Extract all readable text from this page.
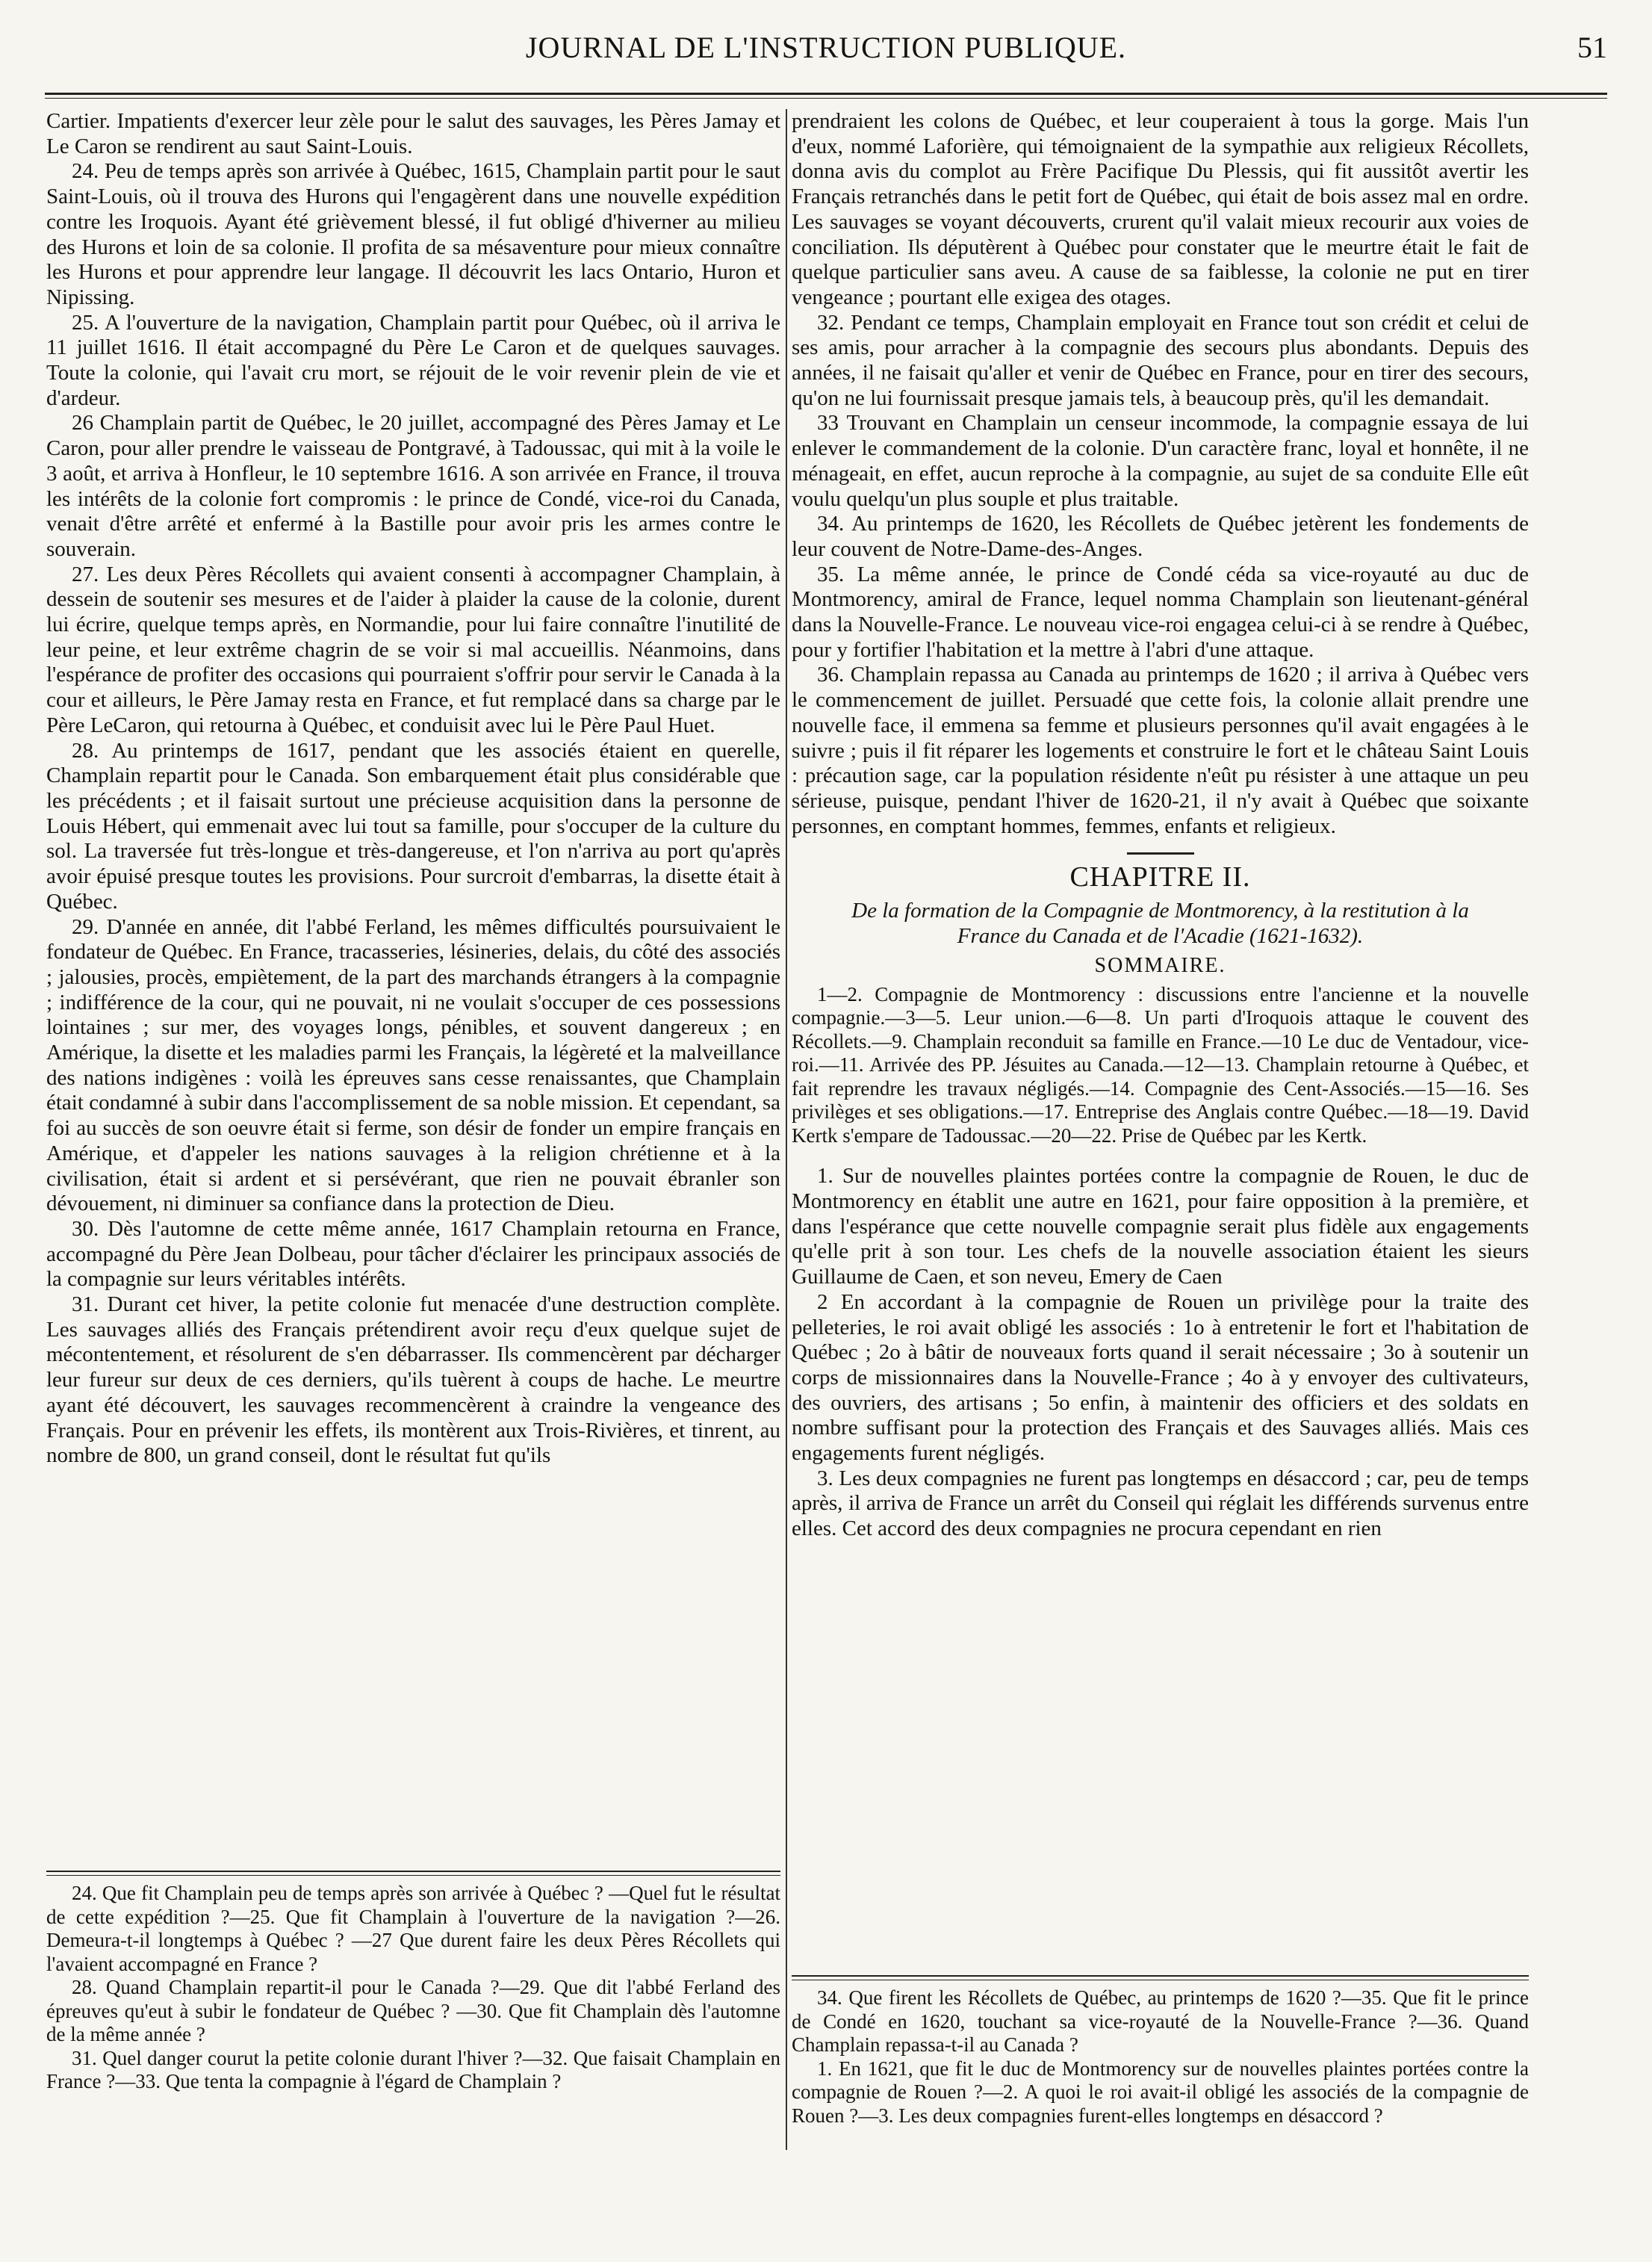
JOURNAL DE L'INSTRUCTION PUBLIQUE.	51

Cartier. Impatients d'exercer leur zèle pour le salut des sauvages, les Pères Jamay et Le Caron se rendirent au saut Saint-Louis.

24. Peu de temps après son arrivée à Québec, 1615, Champlain partit pour le saut Saint-Louis, où il trouva des Hurons qui l'engagèrent dans une nouvelle expédition contre les Iroquois. Ayant été grièvement blessé, il fut obligé d'hiverner au milieu des Hurons et loin de sa colonie. Il profita de sa mésaventure pour mieux connaître les Hurons et pour apprendre leur langage. Il découvrit les lacs Ontario, Huron et Nipissing.

25. A l'ouverture de la navigation, Champlain partit pour Québec, où il arriva le 11 juillet 1616. Il était accompagné du Père Le Caron et de quelques sauvages. Toute la colonie, qui l'avait cru mort, se réjouit de le voir revenir plein de vie et d'ardeur.

26 Champlain partit de Québec, le 20 juillet, accompagné des Pères Jamay et Le Caron, pour aller prendre le vaisseau de Pontgravé, à Tadoussac, qui mit à la voile le 3 août, et arriva à Honfleur, le 10 septembre 1616. A son arrivée en France, il trouva les intérêts de la colonie fort compromis : le prince de Condé, vice-roi du Canada, venait d'être arrêté et enfermé à la Bastille pour avoir pris les armes contre le souverain.

27. Les deux Pères Récollets qui avaient consenti à accompagner Champlain, à dessein de soutenir ses mesures et de l'aider à plaider la cause de la colonie, durent lui écrire, quelque temps après, en Normandie, pour lui faire connaître l'inutilité de leur peine, et leur extrême chagrin de se voir si mal accueillis. Néanmoins, dans l'espérance de profiter des occasions qui pourraient s'offrir pour servir le Canada à la cour et ailleurs, le Père Jamay resta en France, et fut remplacé dans sa charge par le Père LeCaron, qui retourna à Québec, et conduisit avec lui le Père Paul Huet.

28. Au printemps de 1617, pendant que les associés étaient en querelle, Champlain repartit pour le Canada. Son embarquement était plus considérable que les précédents ; et il faisait surtout une précieuse acquisition dans la personne de Louis Hébert, qui emmenait avec lui tout sa famille, pour s'occuper de la culture du sol. La traversée fut très-longue et très-dangereuse, et l'on n'arriva au port qu'après avoir épuisé presque toutes les provisions. Pour surcroit d'embarras, la disette était à Québec.

29. D'année en année, dit l'abbé Ferland, les mêmes difficultés poursuivaient le fondateur de Québec. En France, tracasseries, lésineries, delais, du côté des associés ; jalousies, procès, empiètement, de la part des marchands étrangers à la compagnie ; indifférence de la cour, qui ne pouvait, ni ne voulait s'occuper de ces possessions lointaines ; sur mer, des voyages longs, pénibles, et souvent dangereux ; en Amérique, la disette et les maladies parmi les Français, la légèreté et la malveillance des nations indigènes : voilà les épreuves sans cesse renaissantes, que Champlain était condamné à subir dans l'accomplissement de sa noble mission. Et cependant, sa foi au succès de son oeuvre était si ferme, son désir de fonder un empire français en Amérique, et d'appeler les nations sauvages à la religion chrétienne et à la civilisation, était si ardent et si persévérant, que rien ne pouvait ébranler son dévouement, ni diminuer sa confiance dans la protection de Dieu.

30. Dès l'automne de cette même année, 1617 Champlain retourna en France, accompagné du Père Jean Dolbeau, pour tâcher d'éclairer les principaux associés de la compagnie sur leurs véritables intérêts.

31. Durant cet hiver, la petite colonie fut menacée d'une destruction complète. Les sauvages alliés des Français prétendirent avoir reçu d'eux quelque sujet de mécontentement, et résolurent de s'en débarrasser. Ils commencèrent par décharger leur fureur sur deux de ces derniers, qu'ils tuèrent à coups de hache. Le meurtre ayant été découvert, les sauvages recommencèrent à craindre la vengeance des Français. Pour en prévenir les effets, ils montèrent aux Trois-Rivières, et tinrent, au nombre de 800, un grand conseil, dont le résultat fut qu'ils

24. Que fit Champlain peu de temps après son arrivée à Québec ? —Quel fut le résultat de cette expédition ?—25. Que fit Champlain à l'ouverture de la navigation ?—26. Demeura-t-il longtemps à Québec ? —27 Que durent faire les deux Pères Récollets qui l'avaient accompagné en France ?

28. Quand Champlain repartit-il pour le Canada ?—29. Que dit l'abbé Ferland des épreuves qu'eut à subir le fondateur de Québec ? —30. Que fit Champlain dès l'automne de la même année ?

31. Quel danger courut la petite colonie durant l'hiver ?—32. Que faisait Champlain en France ?—33. Que tenta la compagnie à l'égard de Champlain ?

prendraient les colons de Québec, et leur couperaient à tous la gorge. Mais l'un d'eux, nommé Laforière, qui témoignaient de la sympathie aux religieux Récollets, donna avis du complot au Frère Pacifique Du Plessis, qui fit aussitôt avertir les Français retranchés dans le petit fort de Québec, qui était de bois assez mal en ordre. Les sauvages se voyant découverts, crurent qu'il valait mieux recourir aux voies de conciliation. Ils députèrent à Québec pour constater que le meurtre était le fait de quelque particulier sans aveu. A cause de sa faiblesse, la colonie ne put en tirer vengeance ; pourtant elle exigea des otages.

32. Pendant ce temps, Champlain employait en France tout son crédit et celui de ses amis, pour arracher à la compagnie des secours plus abondants. Depuis des années, il ne faisait qu'aller et venir de Québec en France, pour en tirer des secours, qu'on ne lui fournissait presque jamais tels, à beaucoup près, qu'il les demandait.

33 Trouvant en Champlain un censeur incommode, la compagnie essaya de lui enlever le commandement de la colonie. D'un caractère franc, loyal et honnête, il ne ménageait, en effet, aucun reproche à la compagnie, au sujet de sa conduite Elle eût voulu quelqu'un plus souple et plus traitable.

34. Au printemps de 1620, les Récollets de Québec jetèrent les fondements de leur couvent de Notre-Dame-des-Anges.

35. La même année, le prince de Condé céda sa vice-royauté au duc de Montmorency, amiral de France, lequel nomma Champlain son lieutenant-général dans la Nouvelle-France. Le nouveau vice-roi engagea celui-ci à se rendre à Québec, pour y fortifier l'habitation et la mettre à l'abri d'une attaque.

36. Champlain repassa au Canada au printemps de 1620 ; il arriva à Québec vers le commencement de juillet. Persuadé que cette fois, la colonie allait prendre une nouvelle face, il emmena sa femme et plusieurs personnes qu'il avait engagées à le suivre ; puis il fit réparer les logements et construire le fort et le château Saint Louis : précaution sage, car la population résidente n'eût pu résister à une attaque un peu sérieuse, puisque, pendant l'hiver de 1620-21, il n'y avait à Québec que soixante personnes, en comptant hommes, femmes, enfants et religieux.

CHAPITRE II.
De la formation de la Compagnie de Montmorency, à la restitution à la France du Canada et de l'Acadie (1621-1632).
SOMMAIRE.

1—2. Compagnie de Montmorency : discussions entre l'ancienne et la nouvelle compagnie.—3—5. Leur union.—6—8. Un parti d'Iroquois attaque le couvent des Récollets.—9. Champlain reconduit sa famille en France.—10 Le duc de Ventadour, vice-roi.—11. Arrivée des PP. Jésuites au Canada.—12—13. Champlain retourne à Québec, et fait reprendre les travaux négligés.—14. Compagnie des Cent-Associés.—15—16. Ses privilèges et ses obligations.—17. Entreprise des Anglais contre Québec.—18—19. David Kertk s'empare de Tadoussac.—20—22. Prise de Québec par les Kertk.

1. Sur de nouvelles plaintes portées contre la compagnie de Rouen, le duc de Montmorency en établit une autre en 1621, pour faire opposition à la première, et dans l'espérance que cette nouvelle compagnie serait plus fidèle aux engagements qu'elle prit à son tour. Les chefs de la nouvelle association étaient les sieurs Guillaume de Caen, et son neveu, Emery de Caen

2 En accordant à la compagnie de Rouen un privilège pour la traite des pelleteries, le roi avait obligé les associés : 1o à entretenir le fort et l'habitation de Québec ; 2o à bâtir de nouveaux forts quand il serait nécessaire ; 3o à soutenir un corps de missionnaires dans la Nouvelle-France ; 4o à y envoyer des cultivateurs, des ouvriers, des artisans ; 5o enfin, à maintenir des officiers et des soldats en nombre suffisant pour la protection des Français et des Sauvages alliés. Mais ces engagements furent négligés.

3. Les deux compagnies ne furent pas longtemps en désaccord ; car, peu de temps après, il arriva de France un arrêt du Conseil qui réglait les différends survenus entre elles. Cet accord des deux compagnies ne procura cependant en rien

34. Que firent les Récollets de Québec, au printemps de 1620 ?—35. Que fit le prince de Condé en 1620, touchant sa vice-royauté de la Nouvelle-France ?—36. Quand Champlain repassa-t-il au Canada ?

1. En 1621, que fit le duc de Montmorency sur de nouvelles plaintes portées contre la compagnie de Rouen ?—2. A quoi le roi avait-il obligé les associés de la compagnie de Rouen ?—3. Les deux compagnies furent-elles longtemps en désaccord ?
